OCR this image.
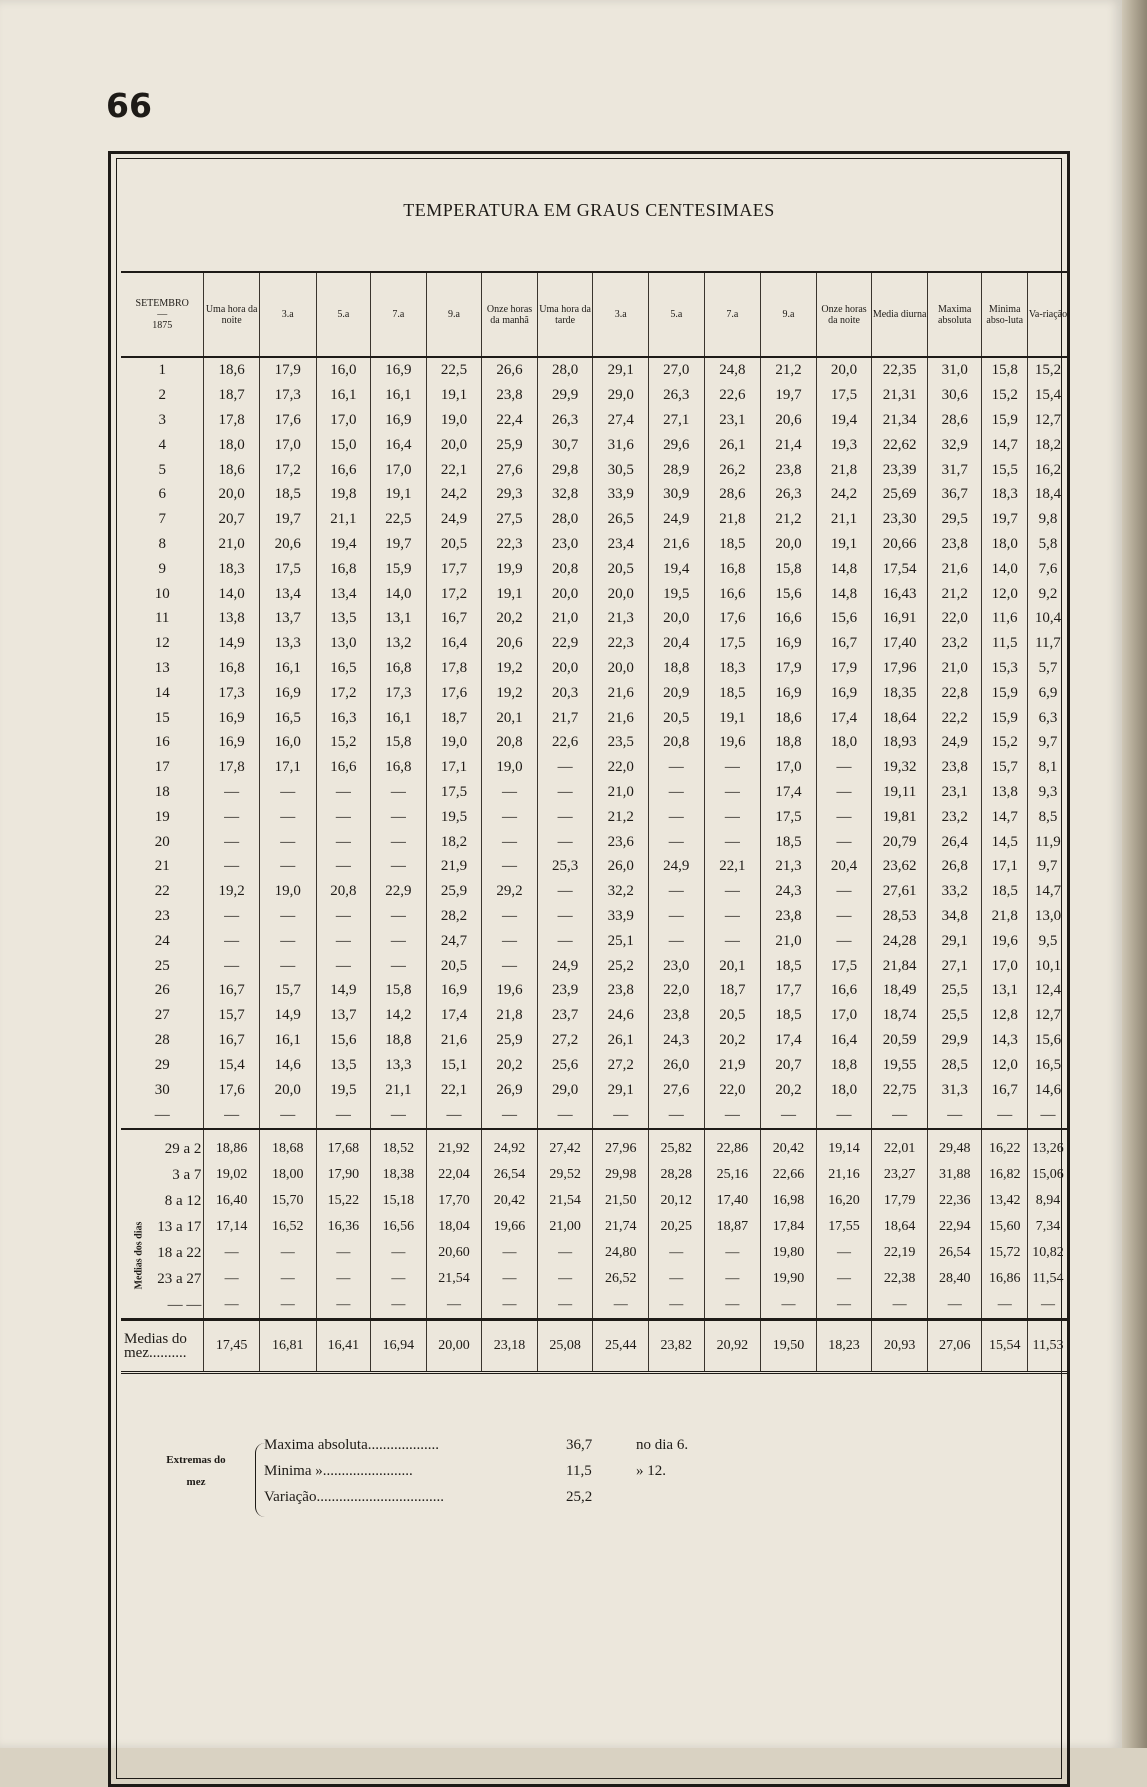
66
TEMPERATURA EM GRAUS CENTESIMAES
SETEMBRO
—
1875	Uma hora da noite	3.a	5.a	7.a	9.a	Onze horas da manhã	Uma hora da tarde	3.a	5.a	7.a	9.a	Onze horas da noite	Media diurna	Maxima absoluta	Minima abso-luta	Va-riação
1	18,6	17,9	16,0	16,9	22,5	26,6	28,0	29,1	27,0	24,8	21,2	20,0	22,35	31,0	15,8	15,2
2	18,7	17,3	16,1	16,1	19,1	23,8	29,9	29,0	26,3	22,6	19,7	17,5	21,31	30,6	15,2	15,4
3	17,8	17,6	17,0	16,9	19,0	22,4	26,3	27,4	27,1	23,1	20,6	19,4	21,34	28,6	15,9	12,7
4	18,0	17,0	15,0	16,4	20,0	25,9	30,7	31,6	29,6	26,1	21,4	19,3	22,62	32,9	14,7	18,2
5	18,6	17,2	16,6	17,0	22,1	27,6	29,8	30,5	28,9	26,2	23,8	21,8	23,39	31,7	15,5	16,2
6	20,0	18,5	19,8	19,1	24,2	29,3	32,8	33,9	30,9	28,6	26,3	24,2	25,69	36,7	18,3	18,4
7	20,7	19,7	21,1	22,5	24,9	27,5	28,0	26,5	24,9	21,8	21,2	21,1	23,30	29,5	19,7	9,8
8	21,0	20,6	19,4	19,7	20,5	22,3	23,0	23,4	21,6	18,5	20,0	19,1	20,66	23,8	18,0	5,8
9	18,3	17,5	16,8	15,9	17,7	19,9	20,8	20,5	19,4	16,8	15,8	14,8	17,54	21,6	14,0	7,6
10	14,0	13,4	13,4	14,0	17,2	19,1	20,0	20,0	19,5	16,6	15,6	14,8	16,43	21,2	12,0	9,2
11	13,8	13,7	13,5	13,1	16,7	20,2	21,0	21,3	20,0	17,6	16,6	15,6	16,91	22,0	11,6	10,4
12	14,9	13,3	13,0	13,2	16,4	20,6	22,9	22,3	20,4	17,5	16,9	16,7	17,40	23,2	11,5	11,7
13	16,8	16,1	16,5	16,8	17,8	19,2	20,0	20,0	18,8	18,3	17,9	17,9	17,96	21,0	15,3	5,7
14	17,3	16,9	17,2	17,3	17,6	19,2	20,3	21,6	20,9	18,5	16,9	16,9	18,35	22,8	15,9	6,9
15	16,9	16,5	16,3	16,1	18,7	20,1	21,7	21,6	20,5	19,1	18,6	17,4	18,64	22,2	15,9	6,3
16	16,9	16,0	15,2	15,8	19,0	20,8	22,6	23,5	20,8	19,6	18,8	18,0	18,93	24,9	15,2	9,7
17	17,8	17,1	16,6	16,8	17,1	19,0	—	22,0	—	—	17,0	—	19,32	23,8	15,7	8,1
18	—	—	—	—	17,5	—	—	21,0	—	—	17,4	—	19,11	23,1	13,8	9,3
19	—	—	—	—	19,5	—	—	21,2	—	—	17,5	—	19,81	23,2	14,7	8,5
20	—	—	—	—	18,2	—	—	23,6	—	—	18,5	—	20,79	26,4	14,5	11,9
21	—	—	—	—	21,9	—	25,3	26,0	24,9	22,1	21,3	20,4	23,62	26,8	17,1	9,7
22	19,2	19,0	20,8	22,9	25,9	29,2	—	32,2	—	—	24,3	—	27,61	33,2	18,5	14,7
23	—	—	—	—	28,2	—	—	33,9	—	—	23,8	—	28,53	34,8	21,8	13,0
24	—	—	—	—	24,7	—	—	25,1	—	—	21,0	—	24,28	29,1	19,6	9,5
25	—	—	—	—	20,5	—	24,9	25,2	23,0	20,1	18,5	17,5	21,84	27,1	17,0	10,1
26	16,7	15,7	14,9	15,8	16,9	19,6	23,9	23,8	22,0	18,7	17,7	16,6	18,49	25,5	13,1	12,4
27	15,7	14,9	13,7	14,2	17,4	21,8	23,7	24,6	23,8	20,5	18,5	17,0	18,74	25,5	12,8	12,7
28	16,7	16,1	15,6	18,8	21,6	25,9	27,2	26,1	24,3	20,2	17,4	16,4	20,59	29,9	14,3	15,6
29	15,4	14,6	13,5	13,3	15,1	20,2	25,6	27,2	26,0	21,9	20,7	18,8	19,55	28,5	12,0	16,5
30	17,6	20,0	19,5	21,1	22,1	26,9	29,0	29,1	27,6	22,0	20,2	18,0	22,75	31,3	16,7	14,6
—	—	—	—	—	—	—	—	—	—	—	—	—	—	—	—	—
29 a 2	18,86	18,68	17,68	18,52	21,92	24,92	27,42	27,96	25,82	22,86	20,42	19,14	22,01	29,48	16,22	13,26
3 a 7	19,02	18,00	17,90	18,38	22,04	26,54	29,52	29,98	28,28	25,16	22,66	21,16	23,27	31,88	16,82	15,06
8 a 12	16,40	15,70	15,22	15,18	17,70	20,42	21,54	21,50	20,12	17,40	16,98	16,20	17,79	22,36	13,42	8,94
13 a 17	17,14	16,52	16,36	16,56	18,04	19,66	21,00	21,74	20,25	18,87	17,84	17,55	18,64	22,94	15,60	7,34
18 a 22	—	—	—	—	20,60	—	—	24,80	—	—	19,80	—	22,19	26,54	15,72	10,82
23 a 27	—	—	—	—	21,54	—	—	26,52	—	—	19,90	—	22,38	28,40	16,86	11,54
— —	—	—	—	—	—	—	—	—	—	—	—	—	—	—	—	—
Medias do mez..........	17,45	16,81	16,41	16,94	20,00	23,18	25,08	25,44	23,82	20,92	19,50	18,23	20,93	27,06	15,54	11,53
Medias dos dias
Extremas do mez
Maxima absoluta...................	36,7	no dia 6.
Minima »........................	11,5	» 12.
Variação..................................	25,2
